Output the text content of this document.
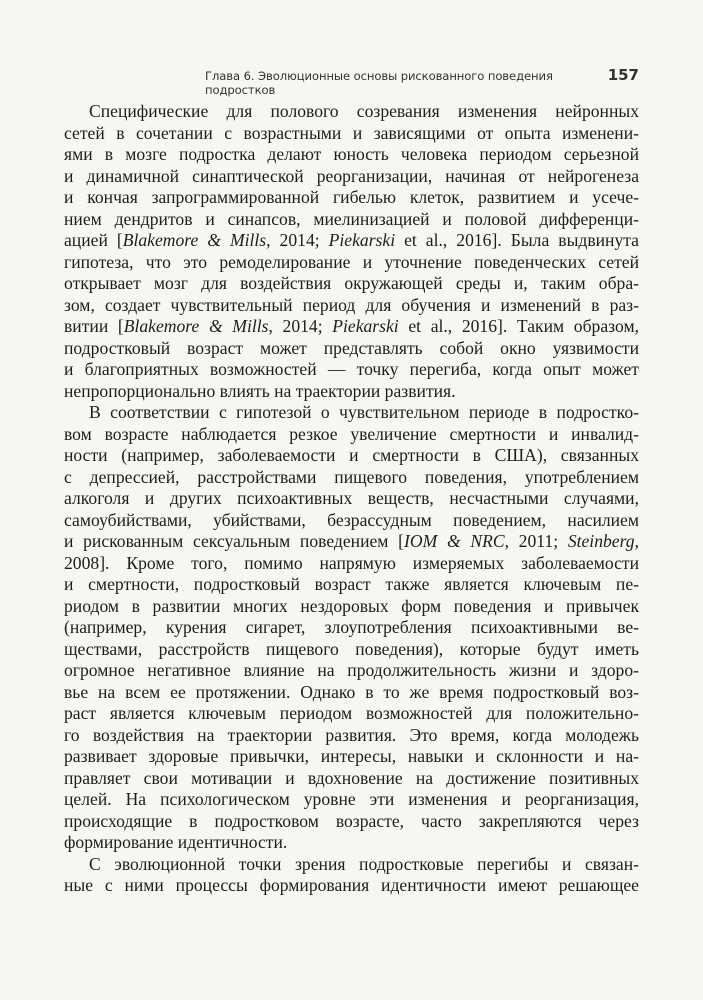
Глава 6. Эволюционные основы рискованного поведения подростков
157

Специфические для полового созревания изменения нейронных
сетей в сочетании с возрастными и зависящими от опыта изменени-
ями в мозге подростка делают юность человека периодом серьезной
и динамичной синаптической реорганизации, начиная от нейрогенеза
и кончая запрограммированной гибелью клеток, развитием и усече-
нием дендритов и синапсов, миелинизацией и половой дифференци-
ацией [Blakemore & Mills, 2014; Piekarski et al., 2016]. Была выдвинута
гипотеза, что это ремоделирование и уточнение поведенческих сетей
открывает мозг для воздействия окружающей среды и, таким обра-
зом, создает чувствительный период для обучения и изменений в раз-
витии [Blakemore & Mills, 2014; Piekarski et al., 2016]. Таким образом,
подростковый возраст может представлять собой окно уязвимости
и благоприятных возможностей — точку перегиба, когда опыт может
непропорционально влиять на траектории развития.

В соответствии с гипотезой о чувствительном периоде в подростко-
вом возрасте наблюдается резкое увеличение смертности и инвалид-
ности (например, заболеваемости и смертности в США), связанных
с депрессией, расстройствами пищевого поведения, употреблением
алкоголя и других психоактивных веществ, несчастными случаями,
самоубийствами, убийствами, безрассудным поведением, насилием
и рискованным сексуальным поведением [IOM & NRC, 2011; Steinberg,
2008]. Кроме того, помимо напрямую измеряемых заболеваемости
и смертности, подростковый возраст также является ключевым пе-
риодом в развитии многих нездоровых форм поведения и привычек
(например, курения сигарет, злоупотребления психоактивными ве-
ществами, расстройств пищевого поведения), которые будут иметь
огромное негативное влияние на продолжительность жизни и здоро-
вье на всем ее протяжении. Однако в то же время подростковый воз-
раст является ключевым периодом возможностей для положительно-
го воздействия на траектории развития. Это время, когда молодежь
развивает здоровые привычки, интересы, навыки и склонности и на-
правляет свои мотивации и вдохновение на достижение позитивных
целей. На психологическом уровне эти изменения и реорганизация,
происходящие в подростковом возрасте, часто закрепляются через
формирование идентичности.

С эволюционной точки зрения подростковые перегибы и связан-
ные с ними процессы формирования идентичности имеют решающее
